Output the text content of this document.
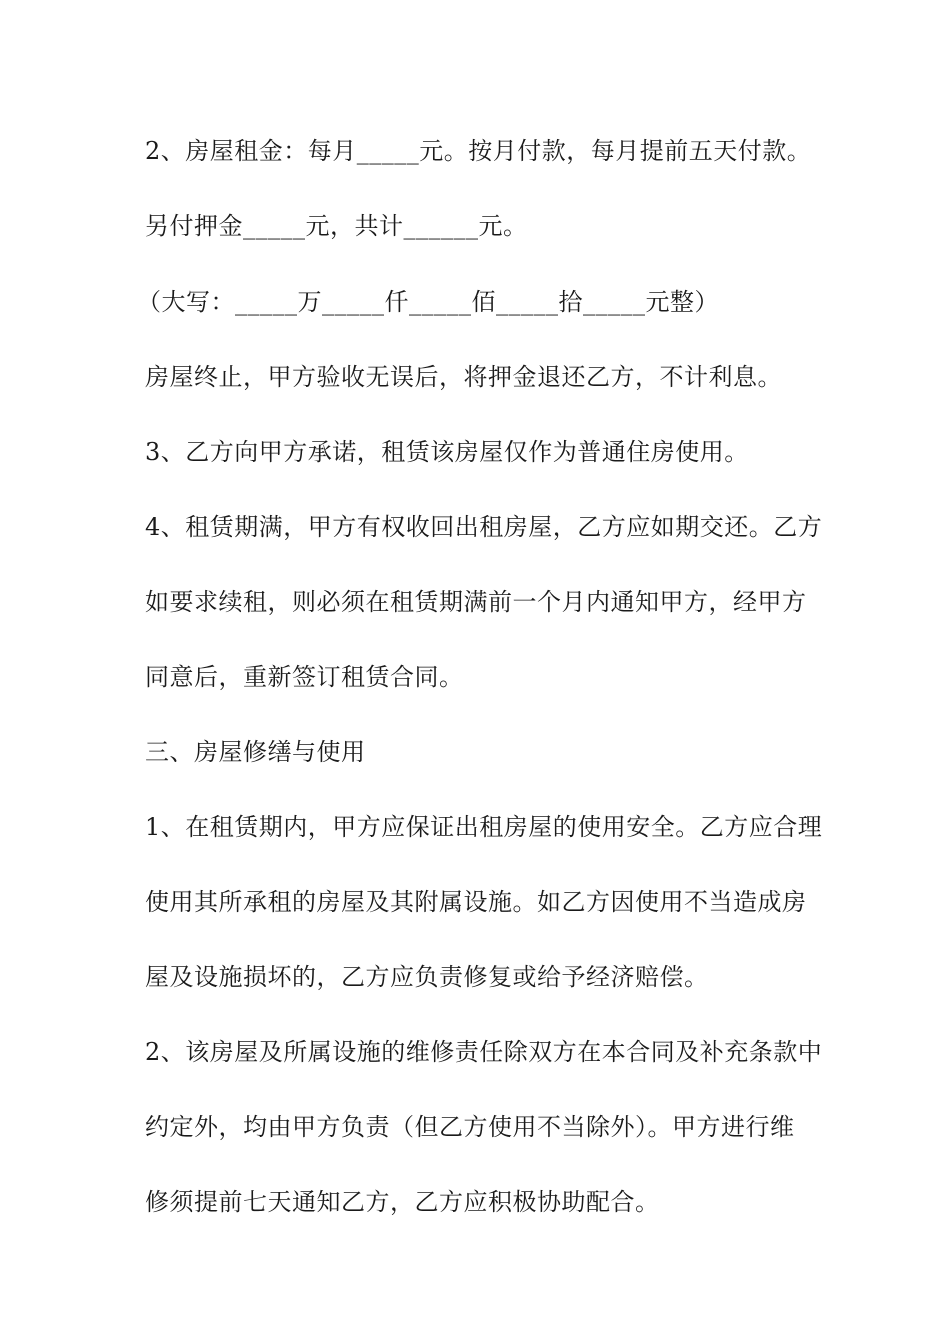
2、房屋租金：每月_____元。按月付款，每月提前五天付款。
另付押金_____元，共计______元。
（大写：_____万_____仟_____佰_____拾_____元整）
房屋终止，甲方验收无误后，将押金退还乙方，不计利息。
3、乙方向甲方承诺，租赁该房屋仅作为普通住房使用。
4、租赁期满，甲方有权收回出租房屋，乙方应如期交还。乙方
如要求续租，则必须在租赁期满前一个月内通知甲方，经甲方
同意后，重新签订租赁合同。
三、房屋修缮与使用
1、在租赁期内，甲方应保证出租房屋的使用安全。乙方应合理
使用其所承租的房屋及其附属设施。如乙方因使用不当造成房
屋及设施损坏的，乙方应负责修复或给予经济赔偿。
2、该房屋及所属设施的维修责任除双方在本合同及补充条款中
约定外，均由甲方负责（但乙方使用不当除外）。甲方进行维
修须提前七天通知乙方，乙方应积极协助配合。
